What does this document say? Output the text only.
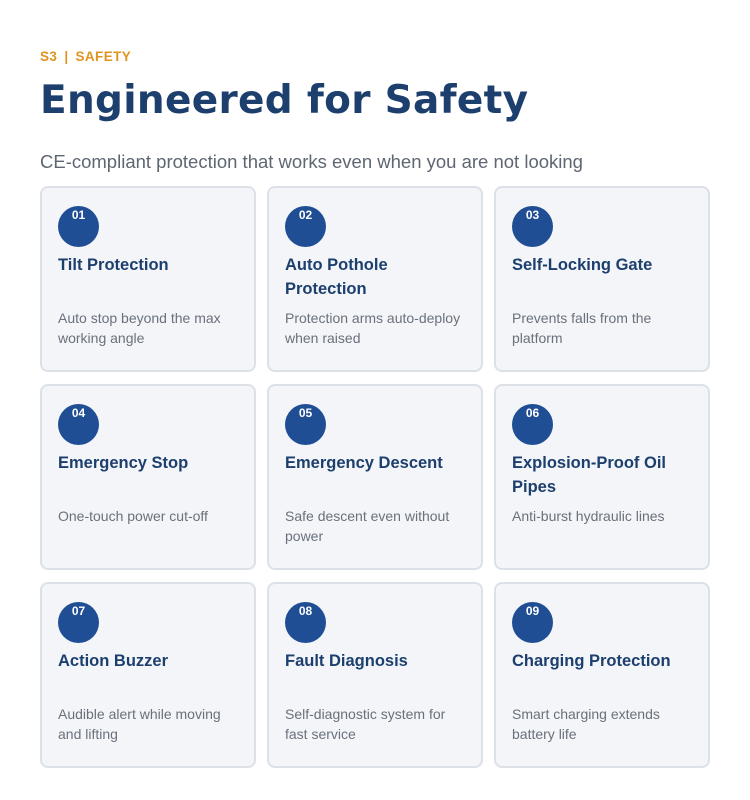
S3 | SAFETY
Engineered for Safety

CE-compliant protection that works even when you are not looking

01
Tilt Protection
Auto stop beyond the max working angle
02
Auto Pothole Protection
Protection arms auto-deploy when raised
03
Self-Locking Gate
Prevents falls from the platform
04
Emergency Stop
One-touch power cut-off
05
Emergency Descent
Safe descent even without power
06
Explosion-Proof Oil Pipes
Anti-burst hydraulic lines
07
Action Buzzer
Audible alert while moving and lifting
08
Fault Diagnosis
Self-diagnostic system for fast service
09
Charging Protection
Smart charging extends battery life
